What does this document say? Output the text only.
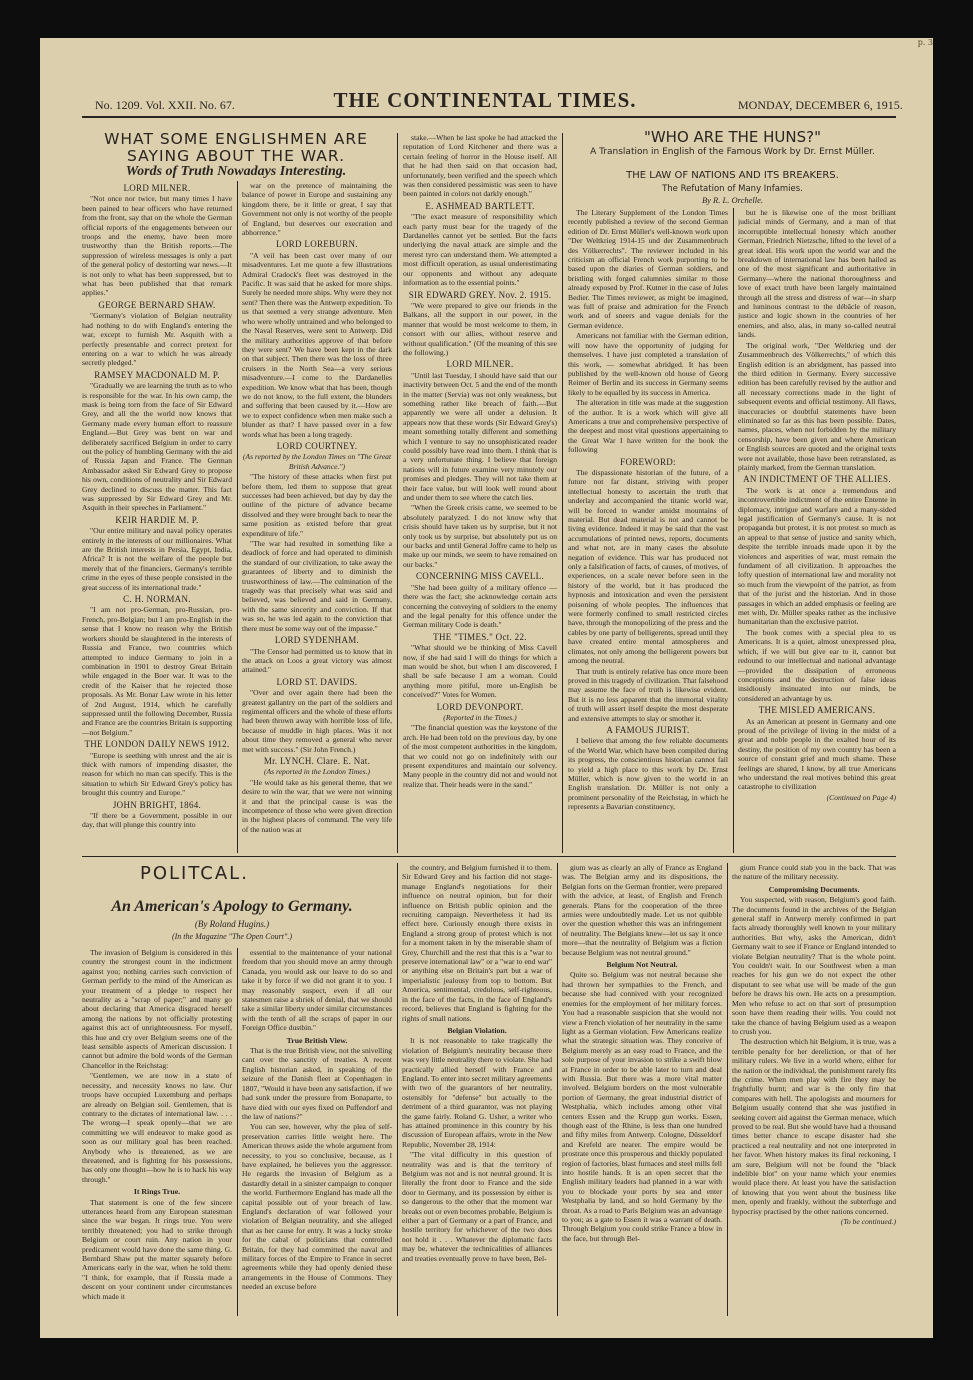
p. 3
No. 1209. Vol. XXII. No. 67.	THE CONTINENTAL TIMES.	MONDAY, DECEMBER 6, 1915.
WHAT SOME ENGLISHMEN ARE SAYING ABOUT THE WAR.
Words of Truth Nowadays Interesting.
LORD MILNER.

"Not once nor twice, but many times I have been pained to hear officers who have returned from the front, say that on the whole the German official reports of the engagements between our troops and the enemy, have been more trustworthy than the British reports.—The suppression of wireless messages is only a part of the general policy of destorting war news.—It is not only to what has been suppressed, but to what has been published that that remark applies."

GEORGE BERNARD SHAW.

"Germany's violation of Belgian neutrality had nothing to do with England's entering the war, except to furnish Mr. Asquith with a perfectly presentable and correct pretext for entering on a war to which he was already secretly pledged."

RAMSEY MACDONALD M. P.

"Gradually we are learning the truth as to who is responsible for the war. In his own camp, the mask is being torn from the face of Sir Edward Grey, and all the the world now knows that Germany made every human effort to reassure England.—But Grey was bent on war and deliberately sacrificed Belgium in order to carry out the policy of humbling Germany with the aid of Russia Japan and France. The German Ambassador asked Sir Edward Grey to propose his own, conditions of neutrality and Sir Edward Grey declined to discuss the matter. This fact was suppressed by Sir Edward Grey and Mr. Asquith in their speeches in Parliament."

KEIR HARDIE M. P.

"Our entire military and naval policy operates entirely in the interests of our millionaires. What are the British interests in Persia, Egypt, India, Africa? It is not the welfare of the people but merely that of the financiers, Germany's terrible crime in the eyes of these people consisted in the great success of its international trade."

C. H. NORMAN.

"I am not pro-German, pro-Russian, pro-French, pro-Belgian; but I am pro-English in the sense that I know no reason why the British workers should be slaughtered in the interests of Russia and France, two countries which attempted to induce Germany to join in a combination in 1901 to destroy Great Britain while engaged in the Boer war. It was to the credit of the Kaiser that he rejected those proposals. As Mr. Bonar Law wrote in his letter of 2nd August, 1914, which he carefully suppressed until the following December, Russia and France are the countries Britain is supporting—not Belgium."

THE LONDON DAILY NEWS 1912.

"Europe is seething with unrest and the air is thick with rumors of impending disaster, the reason for which no man can specify. This is the situation to which Sir Edward Grey's policy has brought this country and Europe."

JOHN BRIGHT, 1864.

"If there be a Government, possible in our day, that will plunge this country into

war on the pretence of maintaining the balance of power in Europe and sustaining any kingdom there, be it little or great, I say that Government not only is not worthy of the people of England, but deserves our execration and abhorrence."

LORD LOREBURN.

"A veil has been cast over many of our misadventures. Let me quote a few illustrations Admiral Cradock's fleet was destroyed in the Pacific. It was said that he asked for more ships. Surely he needed more ships. Why were they not sent? Then there was the Antwerp expedition. To us that seemed a very strange adventure. Men who were wholly untrained and who belonged to the Naval Reserves, were sent to Antwerp. Did the military authorities approve of that before they were sent? We have been kept in the dark on that subject. Then there was the loss of three cruisers in the North Sea—a very serious misadventure.—I come to the Dardanelles expedition. We know what that has been, though we do not know, to the full extent, the blunders and suffering that been caused by it.—How are we to expect confidence when men make such a blunder as that? I have passed over in a few words what has been a long tragedy.

LORD COURTNEY.
(As reported by the London Times on "The Great British Advance.")

"The history of these attacks when first put before them, led them to suppose that great successes had been achieved, but day by day the outline of the picture of advance became dissolved and they were brought back to near the same position as existed before that great expenditure of life."

"The war had resulted in something like a deadlock of force and had operated to diminish the standard of our civilization, to take away the guarantees of liberty and to diminish the trustworthiness of law.—The culmination of the tragedy was that precisely what was said and believed, was believed and said in Germany, with the same sincerity and conviction. If that was so, he was led again to the conviction that there must be some way out of the impasse."

LORD SYDENHAM.

"The Censor had permitted us to know that in the attack on Loos a great victory was almost attained."

LORD ST. DAVIDS.

"Over and over again there had been the greatest gallantry on the part of the soldiers and regimental officers and the whole of these efforts had been thrown away with horrible loss of life, because of muddle in high places. Was it not about time they removed a general who never met with success." (Sir John French.)

Mr. LYNCH. Clare. E. Nat.
(As reported in the London Times.)

"He would take as his general theme, that we desire to win the war, that we were not winning it and that the principal cause is was the incompetence of those who were given direction in the highest places of command. The very life of the nation was at

stake.—When he last spoke he had attacked the reputation of Lord Kitchener and there was a certain feeling of horror in the House itself. All that he had then said on that occasion had, unfortunately, been verified and the speech which was then considered pessimistic was seen to have been painted in colors not darkly enough."

E. ASHMEAD BARTLETT.

"The exact measure of responsibility which each party must bear for the tragedy of the Dardanelles cannot yet be settled. But the facts underlying the naval attack are simple and the merest tyro can understand them. We attempted a most difficult operation, as usual underestimating our opponents and without any adequate information as to the essential points."

SIR EDWARD GREY. Nov. 2. 1915.

"We were prepared to give our friends in the Balkans, all the support in our power, in the manner that would be most welcome to them, in consort with our allies, without reserve and without qualification." (Of the meaning of this see the following.)

LORD MILNER.

"Until last Tuesday, I should have said that our inactivity between Oct. 5 and the end of the month in the matter (Servia) was not only weakness, but something rather like breach of faith.—But apparently we were all under a delusion. It appears now that these words (Sir Edward Grey's) meant something totally different and something which I venture to say no unsophisticated reader could possibly have read into them. I think that is a very unfortunate thing. I believe that foreign nations will in future examine very minutely our promises and pledges. They will not take them at their face value, but will look well round about and under them to see where the catch lies.

"When the Greek crisis came, we seemed to be absolutely paralyzed. I do not know why that crisis should have taken us by surprise, but it not only took us by surprise, but absolutely put us on our backs and until General Joffre came to help us make up our minds, we seem to have remained on our backs."

CONCERNING MISS CAVELL.

"She had been guilty of a military offence —there was the fact; she acknowledge certain acts concerning the conveying of soldiers to the enemy and the legal penalty for this offence under the German military Code is death."

THE "TIMES." Oct. 22.

"What should we be thinking of Miss Cavell now, if she had said I will do things for which a man would be shot, but when I am discovered, I shall be safe because I am a woman. Could anything more pitiful, more un-English be conceived?" Votes for Women.

LORD DEVONPORT.
(Reported in the Times.)

"The financial question was the keystone of the arch. He had been told on the previous day, by one of the most competent authorities in the kingdom, that we could not go on indefinitely with our present expenditures and maintain our solvency. Many people in the country did not and would not realize that. Their heads were in the sand."

"WHO ARE THE HUNS?"
A Translation in English of the Famous Work by Dr. Ernst Müller.
THE LAW OF NATIONS AND ITS BREAKERS.
The Refutation of Many Infamies.
By R. L. Orchelle.

The Literary Supplement of the London Times recently published a review of the second German edition of Dr. Ernst Müller's well-known work upon "Der Weltkrieg 1914-15 und der Zusammenbruch des Völkerrechts". The reviewer included in his criticism an official French work purporting to be based upon the diaries of German soldiers, and bristling with forged calumnies similar to those already exposed by Prof. Kutner in the case of Jules Bedier. The Times reviewer, as might be imagined, was full of praise and admiration for the French work and of sneers and vague denials for the German evidence.

Americans not familiar with the German edition, will now have the opportunity of judging for themselves. I have just completed a translation of this work, — somewhat abridged. It has been published by the well-known old house of Georg Reimer of Berlin and its success in Germany seems likely to be equalled by its success in America.

The alteration in title was made at the suggestion of the author. It is a work which will give all Americans a true and comprehensive perspective of the deepest and most vital questions appertaining to the Great War I have written for the book the following

FOREWORD:

The dispassionate historian of the future, of a future not far distant, striving with proper intellectual honesty to ascertain the truth that underlay and accompanied the titanic world war, will be forced to wander amidst mountains of material. But dead material is not and cannot be living evidence. Indeed it may be said that the vast accumulations of printed news, reports, documents and what not, are in many cases the absolute negation of evidence. This war has produced not only a falsification of facts, of causes, of motives, of experiences, on a scale never before seen in the history of the world, but it has produced the hypnosis and intoxication and even the persistent poisoning of whole peoples. The influences that were formerly confined to small restricted circles have, through the monopolizing of the press and the cables by one party of belligerents, spread until they have created entire mental atmospheres and climates, not only among the belligerent powers but among the neutral.

That truth is entirely relative has once more been proved in this tragedy of civilization. That falsehood may assume the face of truth is likewise evident. But it is no less apparent that the immortal vitality of truth will assert itself despite the most desperate and extensive attempts to slay or smother it.

A FAMOUS JURIST.

I believe that among the few reliable documents of the World War, which have been compiled during its progress, the conscientious historian cannot fail to yield a high place to this work by Dr. Ernst Müller, which is now given to the world in an English translation. Dr. Müller is not only a prominent personality of the Reichstag, in which he represents a Bavarian constituency,

but he is likewise one of the most brilliant judicial minds of Germany, and a man of that incorruptible intellectual honesty which another German, Friedrich Nietzsche, lifted to the level of a great ideal. His work upon the world war and the breakdown of international law has been hailed as one of the most significant and authoritative in Germany—where the national thoroughness and love of exact truth have been largely maintained through all the stress and distress of war—in sharp and luminous contrast to the débâcle of reason, justice and logic shown in the countries of her enemies, and also, alas, in many so-called neutral lands.

The original work, "Der Weltkrieg und der Zusammenbruch des Völkerrechts," of which this English edition is an abridgment, has passed into the third edition in Germany. Every successive edition has been carefully revised by the author and all necessary corrections made in the light of subsequent events and official testimony. All flaws, inaccuracies or doubtful statements have been eliminated so far as this has been possible. Dates, names, places, when not forbidden by the military censorship, have been given and where American or English sources are quoted and the original texts were not available, those have been retranslated, as plainly marked, from the German translation.

AN INDICTMENT OF THE ALLIES.

The work is at once a tremendous and incontrovertible indictment of the entire Entente in diplomacy, intrigue and warfare and a many-sided legal justification of Germany's cause. It is not propaganda but protest, it is not protest so much as an appeal to that sense of justice and sanity which, despite the terrible inroads made upon it by the violences and asperities of war, must remain the fundament of all civilization. It approaches the lofty question of international law and morality not so much from the viewpoint of the patriot, as from that of the jurist and the historian. And in those passages in which an added emphasis or feeling are met with, Dr. Müller speaks rather as the inclusive humanitarian than the exclusive patriot.

The book comes with a special plea to us Americans. It is a quiet, almost unexpressed plea, which, if we will but give ear to it, cannot but redound to our intellectual and national advantage—provided the dissipation of erroneous conceptions and the destruction of false ideas insidiously insinuated into our minds, be considered an advantage by us.

THE MISLED AMERICANS.

As an American at present in Germany and one proud of the privilege of living in the midst of a great and noble people in the exalted hour of its destiny, the position of my own country has been a source of constant grief and much shame. These feelings are shared, I know, by all true Americans who understand the real motives behind this great catastrophe to civilization

(Continued on Page 4)
POLITCAL.
An American's Apology to Germany.
(By Roland Hugins.)
(In the Magazine "The Open Court".)

The invasion of Belgium is considered in this country the strongest count in the indictment against you; nothing carries such conviction of German perfidy to the mind of the American as your treatment of a pledge to respect her neutrality as a "scrap of paper;" and many go about declaring that America disgraced herself among the nations by not officially protesting against this act of unrighteousness. For myself, this hue and cry over Belgium seems one of the least sensible aspects of American discussion. I cannot but admire the bold words of the German Chancellor in the Reichstag:

"Gentlemen, we are now in a state of necessity, and necessity knows no law. Our troops have occupied Luxemburg and perhaps are already on Belgian soil. Gentlemen, that is contrary to the dictates of international law. . . . The wrong—I speak openly—that we are committing we will endeavor to make good as soon as our military goal has been reached. Anybody who is threatened, as we are threatened, and is fighting for his possessions, has only one thought—how he is to hack his way through."

It Rings True.

That statement is one of the few sincere utterances heard from any European statesman since the war began. It rings true. You were terribly threatened; you had to strike through Belgium or court ruin. Any nation in your predicament would have done the same thing. G. Bernhard Shaw put the matter squarely before Americans early in the war, when he told them: "I think, for example, that if Russia made a descent on your continent under circumstances which made it

essential to the maintenance of your national freedom that you should move an army through Canada, you would ask our leave to do so and take it by force if we did not grant it to you. I may reasonably suspect, even if all our statesmen raise a shriek of denial, that we should take a similar liberty under similar circumstances with the tenth of all the scraps of paper in our Foreign Office dustbin."

True British View.

That is the true British view, not the snivelling cant over the sanctity of treaties. A recent English historian asked, in speaking of the seizure of the Danish fleet at Copenhagen in 1807, "Would it have been any satisfaction, if we had sunk under the pressure from Bonaparte, to have died with our eyes fixed on Puffendorf and the law of nations?"

You can see, however, why the plea of self-preservation carries little weight here. The American throws aside the whole argument from necessity, to you so conclusive, because, as I have explained, he believes you the aggressor. He regards the invasion of Belgium as a dastardly detail in a sinister campaign to conquer the world. Furthermore England has made all the capital possible out of your breach of law. England's declaration of war followed your violation of Belgian neutrality, and she alleged that as her cause for entry. It was a lucky stroke for the cabal of politicians that controlled Britain, for they had committed the naval and military forces of the Empire to France in secret agreements while they had openly denied these arrangements in the House of Commons. They needed an excuse before

the country, and Belgium furnished it to them. Sir Edward Grey and his faction did not stage-manage England's negotiations for their influence on neutral opinion, but for their influence on British public opinion and the recruiting campaign. Nevertheless it had its effect here. Curiously enough there exists in England a strong group of protest which is not for a moment taken in by the miserable sham of Grey, Churchill and the rest that this is a "war to preserve international law" or a "war to end war" or anything else on Britain's part but a war of imperialistic jealousy from top to bottom. But America, sentimental, credulous, self-righteous, in the face of the facts, in the face of England's record, believes that England is fighting for the rights of small nations.

Belgian Violation.

It is not reasonable to take tragically the violation of Belgium's neutrality because there was very little neutrality there to violate. She had practically allied herself with France and England. To enter into secret military agreements with two of the guarantors of her neutrality, ostensibly for "defense" but actually to the detriment of a third guarantor, was not playing the game fairly. Roland G. Usher, a writer who has attained prominence in this country by his discussion of European affairs, wrote in the New Republic, November 28, 1914:

"The vital difficulty in this question of neutrality was and is that the territory of Belgium was not and is not neutral ground. It is literally the front door to France and the side door to Germany, and its possession by either is so dangerous to the other that the moment war breaks out or even becomes probable, Belgium is either a part of Germany or a part of France, and hostile territory for whichever of the two does not hold it . . . Whatever the diplomatic facts may be, whatever the technicalities of alliances and treaties eventually prove to have been, Bel-

gium was as clearly an ally of France as England was. The Belgian army and its dispositions, the Belgian forts on the German frontier, were prepared with the advice, at least, of English and French generals. Plans for the cooperation of the three armies were undoubtedly made. Let us not quibble over the question whether this was an infringement of neutrality. The Belgians knew—let us say it once more—that the neutrality of Belgium was a fiction because Belgium was not neutral ground."

Belgium Not Neutral.

Quite so. Belgium was not neutral because she had thrown her sympathies to the French, and because she had connived with your recognized enemies for the employment of her military forces. You had a reasonable suspicion that she would not view a French violation of her neutrality in the same light as a German violation. Few Americans realize what the strategic situation was. They conceive of Belgium merely as an easy road to France, and the sole purpose of your invasion to strike a swift blow at France in order to be able later to turn and deal with Russia. But there was a more vital matter involved. Belgium borders on the most vulnerable portion of Germany, the great industrial district of Westphalia, which includes among other vital centers Essen and the Krupp gun works. Essen, though east of the Rhine, is less than one hundred and fifty miles from Antwerp. Cologne, Düsseldorf and Krefeld are nearer. The empire would be prostrate once this prosperous and thickly populated region of factories, blast furnaces and steel mills fell into hostile hands. It is an open secret that the English military leaders had planned in a war with you to blockade your ports by sea and enter Westphalia by land, and so hold Germany by the throat. As a road to Paris Belgium was an advantage to you; as a gate to Essen it was a warrant of death. Through Belgium you could strike France a blow in the face, but through Bel-

gium France could stab you in the back. That was the nature of the military necessity.

Compromising Documents.

You suspected, with reason, Belgium's good faith. The documents found in the archives of the Belgian general staff in Antwerp merely confirmed in part facts already thoroughly well known to your military authorities. But why, asks the American, didn't Germany wait to see if France or England intended to violate Belgian neutrality? That is the whole point. You couldn't wait. In our Southwest when a man reaches for his gun we do not expect the other disputant to see what use will be made of the gun before he draws his own. He acts on a presumption. Men who refuse to act on that sort of presumption soon have them reading their wills. You could not take the chance of having Belgium used as a weapon to crush you.

The destruction which hit Belgium, it is true, was a terrible penalty for her dereliction, or that of her military rulers. We live in a world where, either for the nation or the individual, the punishment rarely fits the crime. When men play with fire they may be frightfully burnt; and war is the only fire that compares with hell. The apologists and mourners for Belgium usually contend that she was justified in seeking covert aid against the German menace, which proved to be real. But she would have had a thousand times better chance to escape disaster had she practiced a real neutrality and not one interpreted in her favor. When history makes its final reckoning, I am sure, Belgium will not be found the "black indelible blot" on your name which your enemies would place there. At least you have the satisfaction of knowing that you went about the business like men, openly and frankly, without the subterfuge and hypocrisy practised by the other nations concerned.

(To be continued.)
